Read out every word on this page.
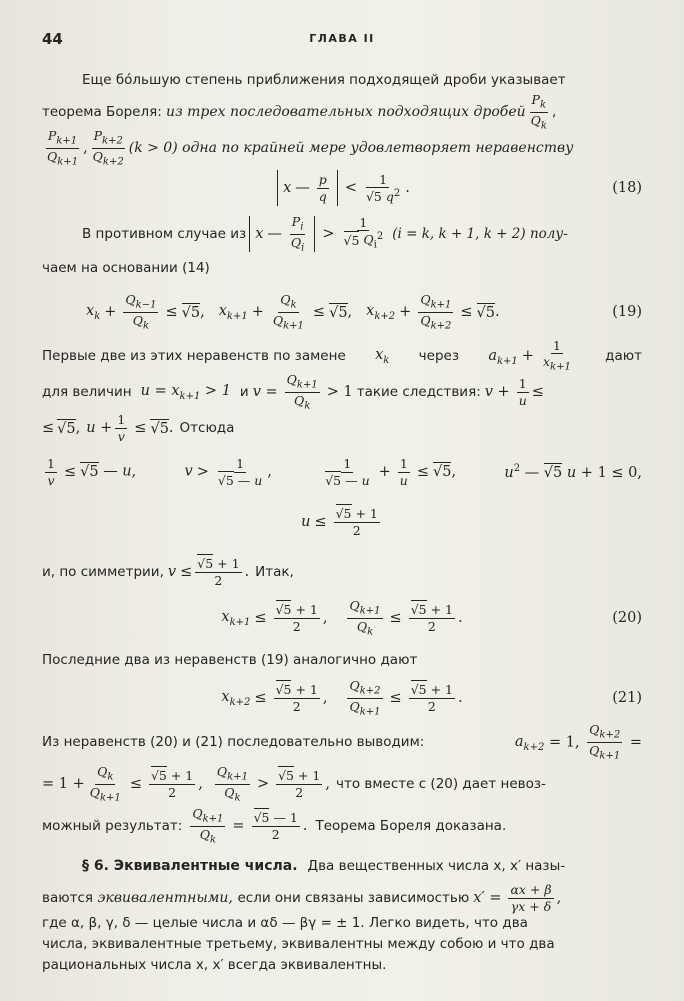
44	ГЛАВА II
Еще бóльшую степень приближения подходящей дроби указывает
теорема Бореля:
из трех последовательных подходящих дробей $\frac{P_k}{Q_k}$ ,
$\frac{P_{k+1}}{Q_{k+1}}$ , $\frac{P_{k+2}}{Q_{k+2}} (k > 0)$ одна по крайней мере удовлетворяет неравенству
x — $\frac{p}{q} < \frac{1}{√5 q^2}$ .	(18)
В противном случае из x — $\frac{P_i}{Q_i} > \frac{1}{√5 Q_i^2} (i = k$, k + 1, k + 2) полу-
чаем на основании (14)
$x_k + \frac{Q_{k-1}}{Q_k} \le √5$ , $x_{k+1} + \frac{Q_k}{Q_{k+1}} \le √5$ , $x_{k+2} + \frac{Q_{k+1}}{Q_{k+2}} \le √5$ .	(19)
Первые две из этих неравенств по замене $x_k$ через $a_{k+1} + \frac{1}{x_{k+1}}$ дают
для величин $u = x_{k+1} > 1$ и $v = \frac{Q_{k+1}}{Q_k} > 1$ такие следствия: $v + \frac{1}{u}$ ≤
≤ √5 , $u + \frac{1}{v} \le √5$ . Отсюда
$\frac{1}{v} \le √5$ — u,	$v > \frac{1}{√5 — u}$ ,	$\frac{1}{√5 — u} + \frac{1}{u} \le √5$,	$u^2$ — √5 u + 1 ≤ 0,
$u \le \frac{√5 + 1}{2}$
и, по симметрии, $v \le \frac{√5 + 1}{2}$ . Итак,
$x_{k+1} \le \frac{√5 + 1}{2}$ , $\frac{Q_{k+1}}{Q_k} \le \frac{√5 + 1}{2}$ .	(20)
Последние два из неравенств (19) аналогично дают
$x_{k+2} \le \frac{√5 + 1}{2}$ , $\frac{Q_{k+2}}{Q_{k+1}} \le \frac{√5 + 1}{2}$ .	(21)
Из неравенств (20) и (21) последовательно выводим:	$a_{k+2} = 1$, $\frac{Q_{k+2}}{Q_{k+1}}$ =
= $1 + \frac{Q_k}{Q_{k+1}} \le \frac{√5 + 1}{2}$ , $\frac{Q_{k+1}}{Q_k} > \frac{√5 + 1}{2}$ , что вместе с (20) дает невоз-
можный результат: $\frac{Q_{k+1}}{Q_k} = \frac{√5 — 1}{2}$ . Теорема Бореля доказана.
§ 6. Эквивалентные числа. Два вещественных числа x, x′ назы-
ваются
эквивалентными,
если они связаны зависимостью $x' = \frac{\alpha x + \beta}{\gamma x + \delta}$ ,
где α, β, γ, δ — целые числа и αδ — βγ = ± 1. Легко видеть, что два
числа, эквивалентные третьему, эквивалентны между собою и что два
рациональных числа x, x′ всегда эквивалентны.
